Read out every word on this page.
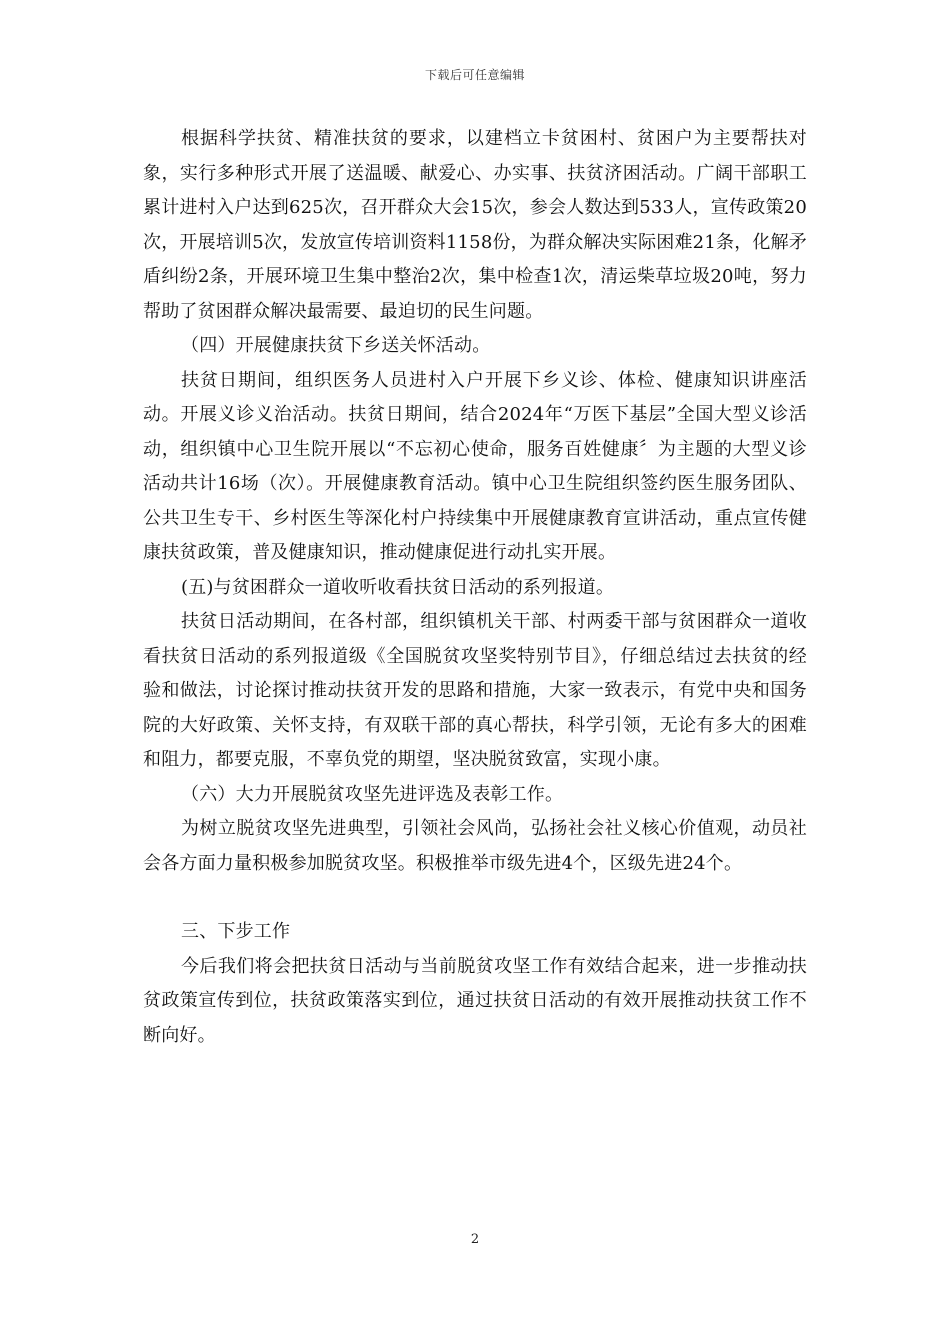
下载后可任意编辑

根据科学扶贫、精准扶贫的要求，以建档立卡贫困村、贫困户为主要帮扶对象，实行多种形式开展了送温暖、献爱心、办实事、扶贫济困活动。广阔干部职工累计进村入户达到625次，召开群众大会15次，参会人数达到533人，宣传政策20次，开展培训5次，发放宣传培训资料1158份，为群众解决实际困难21条，化解矛盾纠纷2条，开展环境卫生集中整治2次，集中检查1次，清运柴草垃圾20吨，努力帮助了贫困群众解决最需要、最迫切的民生问题。

（四）开展健康扶贫下乡送关怀活动。

扶贫日期间，组织医务人员进村入户开展下乡义诊、体检、健康知识讲座活动。开展义诊义治活动。扶贫日期间，结合2024年“万医下基层”全国大型义诊活动，组织镇中心卫生院开展以“不忘初心使命，服务百姓健康〞为主题的大型义诊活动共计16场（次）。开展健康教育活动。镇中心卫生院组织签约医生服务团队、公共卫生专干、乡村医生等深化村户持续集中开展健康教育宣讲活动，重点宣传健康扶贫政策，普及健康知识，推动健康促进行动扎实开展。

(五)与贫困群众一道收听收看扶贫日活动的系列报道。

扶贫日活动期间，在各村部，组织镇机关干部、村两委干部与贫困群众一道收看扶贫日活动的系列报道级《全国脱贫攻坚奖特别节目》，仔细总结过去扶贫的经验和做法，讨论探讨推动扶贫开发的思路和措施，大家一致表示，有党中央和国务院的大好政策、关怀支持，有双联干部的真心帮扶，科学引领，无论有多大的困难和阻力，都要克服，不辜负党的期望，坚决脱贫致富，实现小康。

（六）大力开展脱贫攻坚先进评选及表彰工作。

为树立脱贫攻坚先进典型，引领社会风尚，弘扬社会社义核心价值观，动员社会各方面力量积极参加脱贫攻坚。积极推举市级先进4个，区级先进24个。

三、下步工作

今后我们将会把扶贫日活动与当前脱贫攻坚工作有效结合起来，进一步推动扶贫政策宣传到位，扶贫政策落实到位，通过扶贫日活动的有效开展推动扶贫工作不断向好。

2
